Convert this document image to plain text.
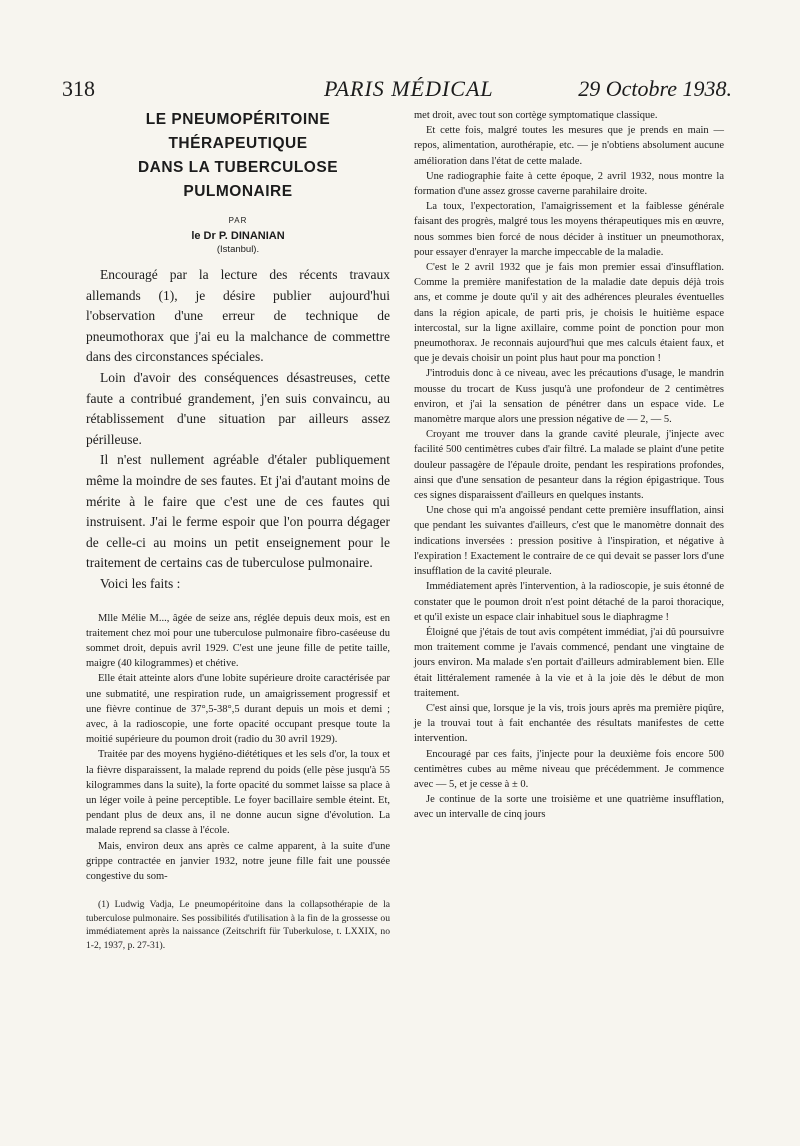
318	PARIS MÉDICAL	29 Octobre 1938.
LE PNEUMOPÉRITOINE
THÉRAPEUTIQUE
DANS LA TUBERCULOSE
PULMONAIRE
PAR
le Dr P. DINANIAN
(Istanbul).

Encouragé par la lecture des récents travaux allemands (1), je désire publier aujourd'hui l'observation d'une erreur de technique de pneumothorax que j'ai eu la malchance de commettre dans des circonstances spéciales.

Loin d'avoir des conséquences désastreuses, cette faute a contribué grandement, j'en suis convaincu, au rétablissement d'une situation par ailleurs assez périlleuse.

Il n'est nullement agréable d'étaler publiquement même la moindre de ses fautes. Et j'ai d'autant moins de mérite à le faire que c'est une de ces fautes qui instruisent. J'ai le ferme espoir que l'on pourra dégager de celle-ci au moins un petit enseignement pour le traitement de certains cas de tuberculose pulmonaire.

Voici les faits :

Mlle Mélie M..., âgée de seize ans, réglée depuis deux mois, est en traitement chez moi pour une tuberculose pulmonaire fibro-caséeuse du sommet droit, depuis avril 1929. C'est une jeune fille de petite taille, maigre (40 kilogrammes) et chétive.

Elle était atteinte alors d'une lobite supérieure droite caractérisée par une submatité, une respiration rude, un amaigrissement progressif et une fièvre continue de 37°,5-38°,5 durant depuis un mois et demi ; avec, à la radioscopie, une forte opacité occupant presque toute la moitié supérieure du poumon droit (radio du 30 avril 1929).

Traitée par des moyens hygiéno-diététiques et les sels d'or, la toux et la fièvre disparaissent, la malade reprend du poids (elle pèse jusqu'à 55 kilogrammes dans la suite), la forte opacité du sommet laisse sa place à un léger voile à peine perceptible. Le foyer bacillaire semble éteint. Et, pendant plus de deux ans, il ne donne aucun signe d'évolution. La malade reprend sa classe à l'école.

Mais, environ deux ans après ce calme apparent, à la suite d'une grippe contractée en janvier 1932, notre jeune fille fait une poussée congestive du som-

(1) Ludwig Vadja, Le pneumopéritoine dans la collapsothérapie de la tuberculose pulmonaire. Ses possibilités d'utilisation à la fin de la grossesse ou immédiatement après la naissance (Zeitschrift für Tuberkulose, t. LXXIX, no 1-2, 1937, p. 27-31).

met droit, avec tout son cortège symptomatique classique.

Et cette fois, malgré toutes les mesures que je prends en main — repos, alimentation, aurothérapie, etc. — je n'obtiens absolument aucune amélioration dans l'état de cette malade.

Une radiographie faite à cette époque, 2 avril 1932, nous montre la formation d'une assez grosse caverne parahilaire droite.

La toux, l'expectoration, l'amaigrissement et la faiblesse générale faisant des progrès, malgré tous les moyens thérapeutiques mis en œuvre, nous sommes bien forcé de nous décider à instituer un pneumothorax, pour essayer d'enrayer la marche impeccable de la maladie.

C'est le 2 avril 1932 que je fais mon premier essai d'insufflation. Comme la première manifestation de la maladie date depuis déjà trois ans, et comme je doute qu'il y ait des adhérences pleurales éventuelles dans la région apicale, de parti pris, je choisis le huitième espace intercostal, sur la ligne axillaire, comme point de ponction pour mon pneumothorax. Je reconnais aujourd'hui que mes calculs étaient faux, et que je devais choisir un point plus haut pour ma ponction !

J'introduis donc à ce niveau, avec les précautions d'usage, le mandrin mousse du trocart de Kuss jusqu'à une profondeur de 2 centimètres environ, et j'ai la sensation de pénétrer dans un espace vide. Le manomètre marque alors une pression négative de — 2, — 5.

Croyant me trouver dans la grande cavité pleurale, j'injecte avec facilité 500 centimètres cubes d'air filtré. La malade se plaint d'une petite douleur passagère de l'épaule droite, pendant les respirations profondes, ainsi que d'une sensation de pesanteur dans la région épigastrique. Tous ces signes disparaissent d'ailleurs en quelques instants.

Une chose qui m'a angoissé pendant cette première insufflation, ainsi que pendant les suivantes d'ailleurs, c'est que le manomètre donnait des indications inversées : pression positive à l'inspiration, et négative à l'expiration ! Exactement le contraire de ce qui devait se passer lors d'une insufflation de la cavité pleurale.

Immédiatement après l'intervention, à la radioscopie, je suis étonné de constater que le poumon droit n'est point détaché de la paroi thoracique, et qu'il existe un espace clair inhabituel sous le diaphragme !

Éloigné que j'étais de tout avis compétent immédiat, j'ai dû poursuivre mon traitement comme je l'avais commencé, pendant une vingtaine de jours environ. Ma malade s'en portait d'ailleurs admirablement bien. Elle était littéralement ramenée à la vie et à la joie dès le début de mon traitement.

C'est ainsi que, lorsque je la vis, trois jours après ma première piqûre, je la trouvai tout à fait enchantée des résultats manifestes de cette intervention.

Encouragé par ces faits, j'injecte pour la deuxième fois encore 500 centimètres cubes au même niveau que précédemment. Je commence avec — 5, et je cesse à ± 0.

Je continue de la sorte une troisième et une quatrième insufflation, avec un intervalle de cinq jours
